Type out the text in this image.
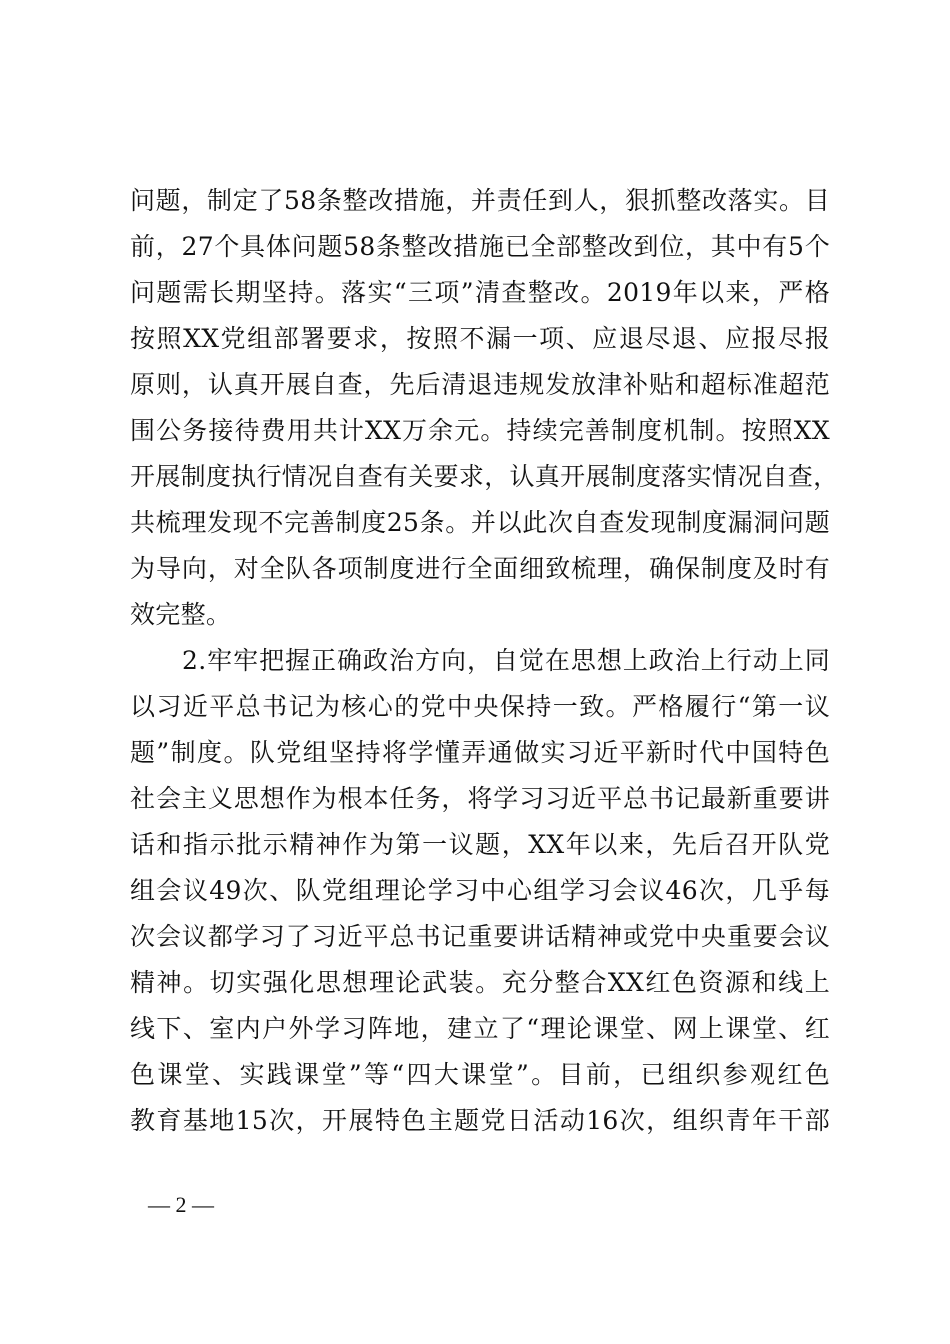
问题，制定了58条整改措施，并责任到人，狠抓整改落实。目
前，27个具体问题58条整改措施已全部整改到位，其中有5个
问题需长期坚持。落实“三项”清查整改。2019年以来，严格
按照XX党组部署要求，按照不漏一项、应退尽退、应报尽报
原则，认真开展自查，先后清退违规发放津补贴和超标准超范
围公务接待费用共计XX万余元。持续完善制度机制。按照XX
开展制度执行情况自查有关要求，认真开展制度落实情况自查，
共梳理发现不完善制度25条。并以此次自查发现制度漏洞问题
为导向，对全队各项制度进行全面细致梳理，确保制度及时有
效完整。
2.牢牢把握正确政治方向，自觉在思想上政治上行动上同
以习近平总书记为核心的党中央保持一致。严格履行“第一议
题”制度。队党组坚持将学懂弄通做实习近平新时代中国特色
社会主义思想作为根本任务，将学习习近平总书记最新重要讲
话和指示批示精神作为第一议题，XX年以来，先后召开队党
组会议49次、队党组理论学习中心组学习会议46次，几乎每
次会议都学习了习近平总书记重要讲话精神或党中央重要会议
精神。切实强化思想理论武装。充分整合XX红色资源和线上
线下、室内户外学习阵地，建立了“理论课堂、网上课堂、红
色课堂、实践课堂”等“四大课堂”。目前，已组织参观红色
教育基地15次，开展特色主题党日活动16次，组织青年干部
— 2 —
